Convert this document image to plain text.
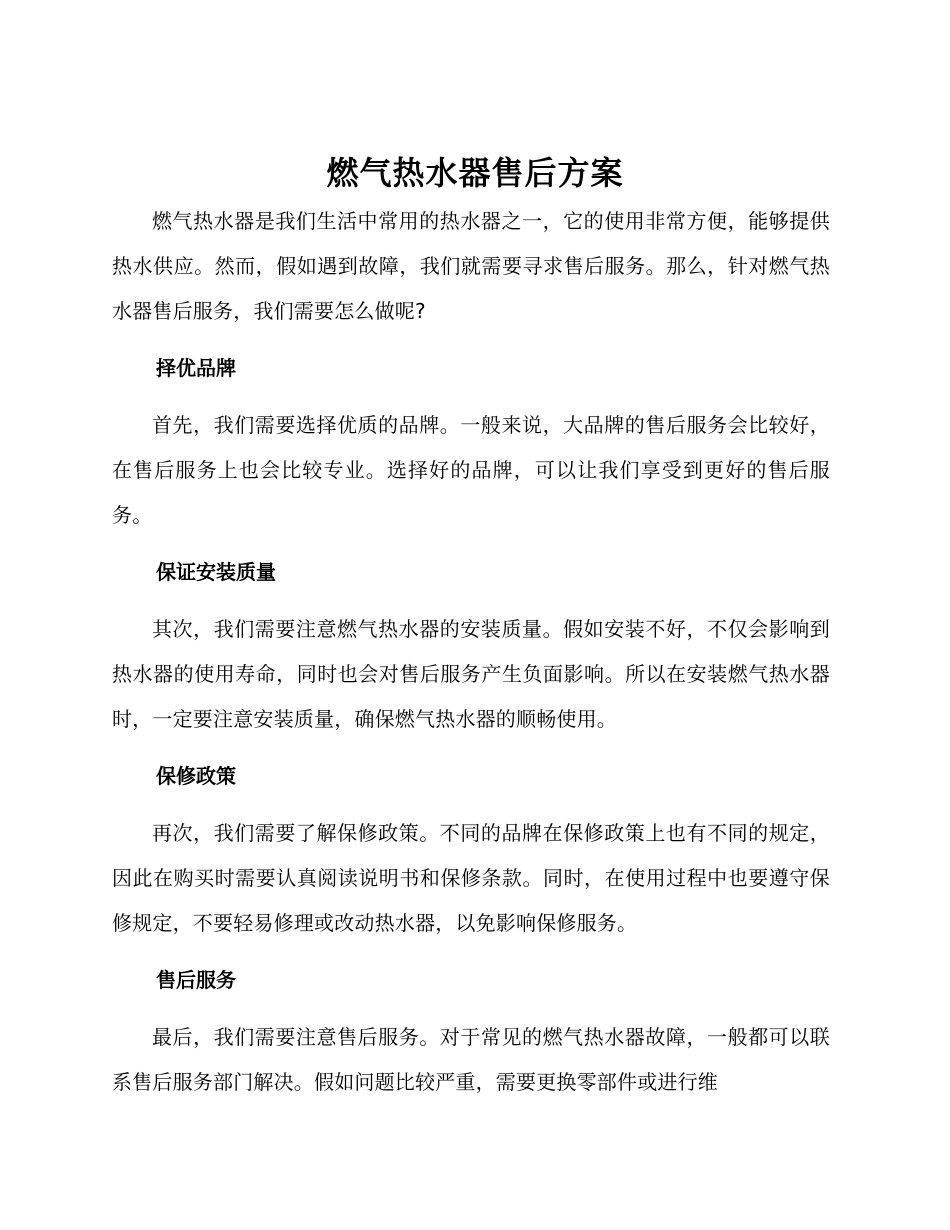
燃气热水器售后方案

燃气热水器是我们生活中常用的热水器之一，它的使用非常方便，能够提供热水供应。然而，假如遇到故障，我们就需要寻求售后服务。那么，针对燃气热水器售后服务，我们需要怎么做呢?

择优品牌

首先，我们需要选择优质的品牌。一般来说，大品牌的售后服务会比较好，在售后服务上也会比较专业。选择好的品牌，可以让我们享受到更好的售后服务。

保证安装质量

其次，我们需要注意燃气热水器的安装质量。假如安装不好，不仅会影响到热水器的使用寿命，同时也会对售后服务产生负面影响。所以在安装燃气热水器时，一定要注意安装质量，确保燃气热水器的顺畅使用。

保修政策

再次，我们需要了解保修政策。不同的品牌在保修政策上也有不同的规定，因此在购买时需要认真阅读说明书和保修条款。同时，在使用过程中也要遵守保修规定，不要轻易修理或改动热水器，以免影响保修服务。

售后服务

最后，我们需要注意售后服务。对于常见的燃气热水器故障，一般都可以联系售后服务部门解决。假如问题比较严重，需要更换零部件或进行维
